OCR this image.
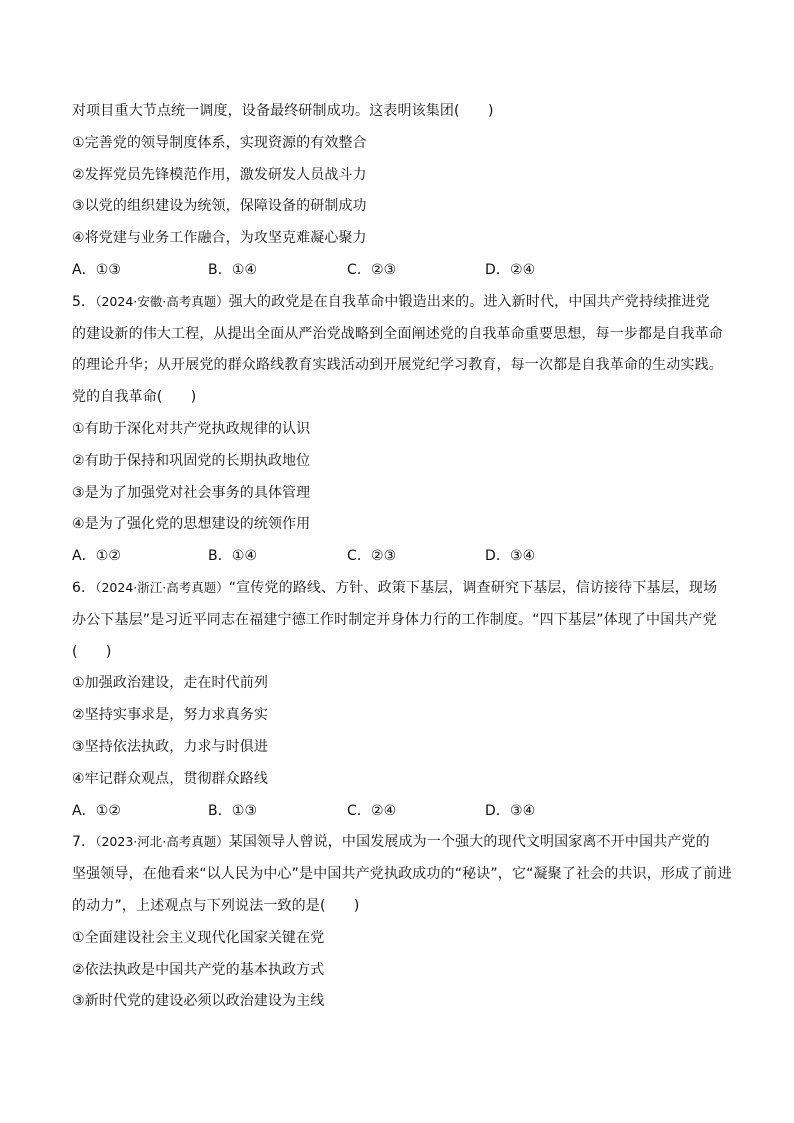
对项目重大节点统一调度，设备最终研制成功。这表明该集团(　　)
①完善党的领导制度体系，实现资源的有效整合
②发挥党员先锋模范作用，激发研发人员战斗力
③以党的组织建设为统领，保障设备的研制成功
④将党建与业务工作融合，为攻坚克难凝心聚力
A．①③	B．①④	C．②③	D．②④
5．（2024·安徽·高考真题）强大的政党是在自我革命中锻造出来的。进入新时代，中国共产党持续推进党
的建设新的伟大工程，从提出全面从严治党战略到全面阐述党的自我革命重要思想，每一步都是自我革命
的理论升华；从开展党的群众路线教育实践活动到开展党纪学习教育，每一次都是自我革命的生动实践。
党的自我革命(　　)
①有助于深化对共产党执政规律的认识
②有助于保持和巩固党的长期执政地位
③是为了加强党对社会事务的具体管理
④是为了强化党的思想建设的统领作用
A．①②	B．①④	C．②③	D．③④
6．（2024·浙江·高考真题）“宣传党的路线、方针、政策下基层，调查研究下基层，信访接待下基层，现场
办公下基层”是习近平同志在福建宁德工作时制定并身体力行的工作制度。“四下基层”体现了中国共产党
(　　)
①加强政治建设，走在时代前列
②坚持实事求是，努力求真务实
③坚持依法执政，力求与时俱进
④牢记群众观点，贯彻群众路线
A．①②	B．①③	C．②④	D．③④
7．（2023·河北·高考真题）某国领导人曾说，中国发展成为一个强大的现代文明国家离不开中国共产党的
坚强领导，在他看来“以人民为中心”是中国共产党执政成功的“秘诀”，它“凝聚了社会的共识，形成了前进
的动力”，上述观点与下列说法一致的是(　　)
①全面建设社会主义现代化国家关键在党
②依法执政是中国共产党的基本执政方式
③新时代党的建设必须以政治建设为主线
